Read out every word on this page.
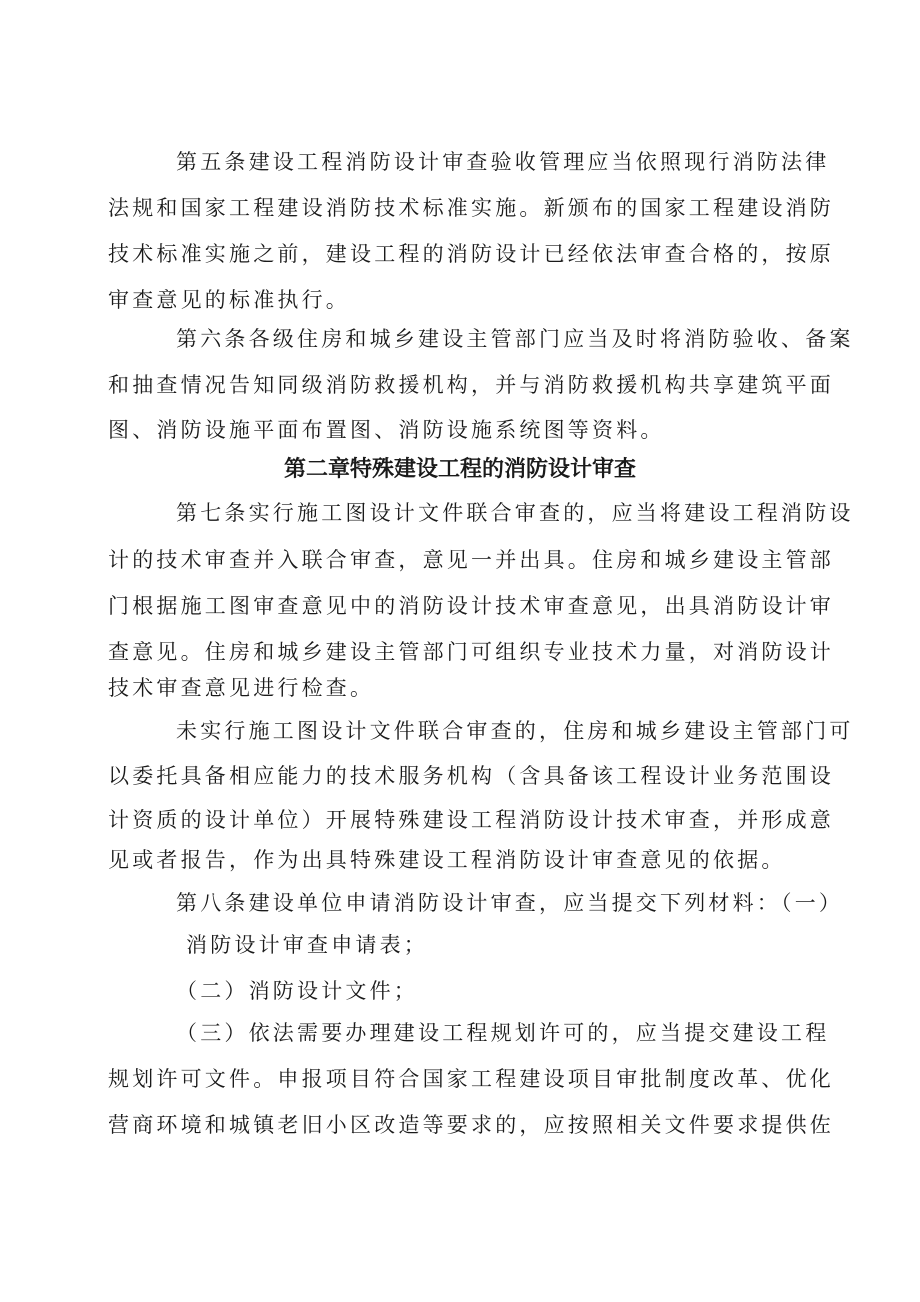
第五条建设工程消防设计审查验收管理应当依照现行消防法律
法规和国家工程建设消防技术标准实施。新颁布的国家工程建设消防
技术标准实施之前，建设工程的消防设计已经依法审查合格的，按原
审查意见的标准执行。
第六条各级住房和城乡建设主管部门应当及时将消防验收、备案
和抽查情况告知同级消防救援机构，并与消防救援机构共享建筑平面
图、消防设施平面布置图、消防设施系统图等资料。
第二章特殊建设工程的消防设计审查
第七条实行施工图设计文件联合审查的，应当将建设工程消防设
计的技术审查并入联合审查，意见一并出具。住房和城乡建设主管部
门根据施工图审查意见中的消防设计技术审查意见，出具消防设计审
查意见。住房和城乡建设主管部门可组织专业技术力量，对消防设计
技术审查意见进行检查。
未实行施工图设计文件联合审查的，住房和城乡建设主管部门可
以委托具备相应能力的技术服务机构（含具备该工程设计业务范围设
计资质的设计单位）开展特殊建设工程消防设计技术审查，并形成意
见或者报告，作为出具特殊建设工程消防设计审查意见的依据。
第八条建设单位申请消防设计审查，应当提交下列材料：（一）
消防设计审查申请表；
（二）消防设计文件；
（三）依法需要办理建设工程规划许可的，应当提交建设工程
规划许可文件。申报项目符合国家工程建设项目审批制度改革、优化
营商环境和城镇老旧小区改造等要求的，应按照相关文件要求提供佐
